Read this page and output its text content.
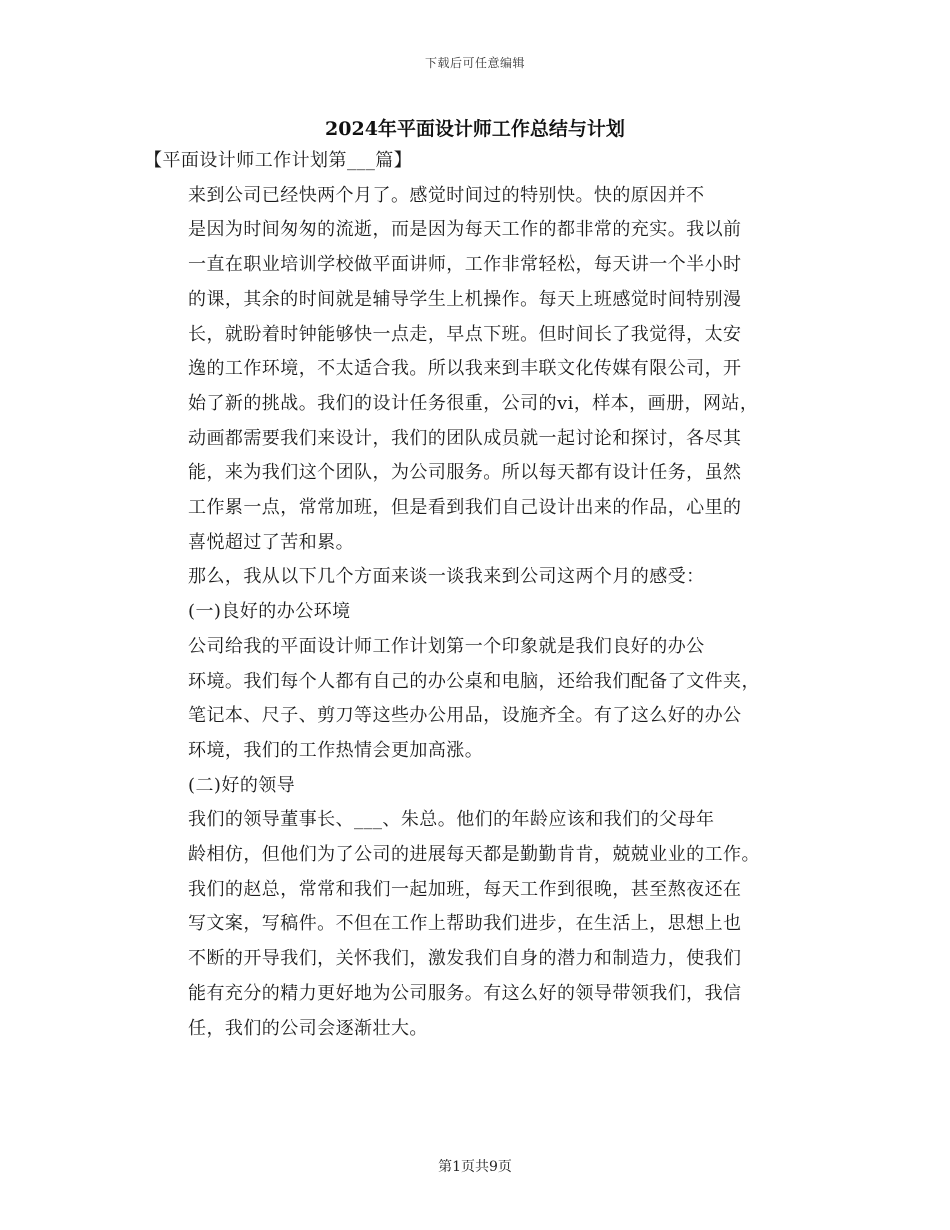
下载后可任意编辑
2024年平面设计师工作总结与计划

【平面设计师工作计划第___篇】

来到公司已经快两个月了。感觉时间过的特别快。快的原因并不
是因为时间匆匆的流逝，而是因为每天工作的都非常的充实。我以前
一直在职业培训学校做平面讲师，工作非常轻松，每天讲一个半小时
的课，其余的时间就是辅导学生上机操作。每天上班感觉时间特别漫
长，就盼着时钟能够快一点走，早点下班。但时间长了我觉得，太安
逸的工作环境，不太适合我。所以我来到丰联文化传媒有限公司，开
始了新的挑战。我们的设计任务很重，公司的vi，样本，画册，网站，
动画都需要我们来设计，我们的团队成员就一起讨论和探讨，各尽其
能，来为我们这个团队，为公司服务。所以每天都有设计任务，虽然
工作累一点，常常加班，但是看到我们自己设计出来的作品，心里的
喜悦超过了苦和累。

那么，我从以下几个方面来谈一谈我来到公司这两个月的感受：

(一)良好的办公环境

公司给我的平面设计师工作计划第一个印象就是我们良好的办公
环境。我们每个人都有自己的办公桌和电脑，还给我们配备了文件夹，
笔记本、尺子、剪刀等这些办公用品，设施齐全。有了这么好的办公
环境，我们的工作热情会更加高涨。

(二)好的领导

我们的领导董事长、___、朱总。他们的年龄应该和我们的父母年
龄相仿，但他们为了公司的进展每天都是勤勤肯肯，兢兢业业的工作。
我们的赵总，常常和我们一起加班，每天工作到很晚，甚至熬夜还在
写文案，写稿件。不但在工作上帮助我们进步，在生活上，思想上也
不断的开导我们，关怀我们，激发我们自身的潜力和制造力，使我们
能有充分的精力更好地为公司服务。有这么好的领导带领我们，我信
任，我们的公司会逐渐壮大。

第1页共9页
